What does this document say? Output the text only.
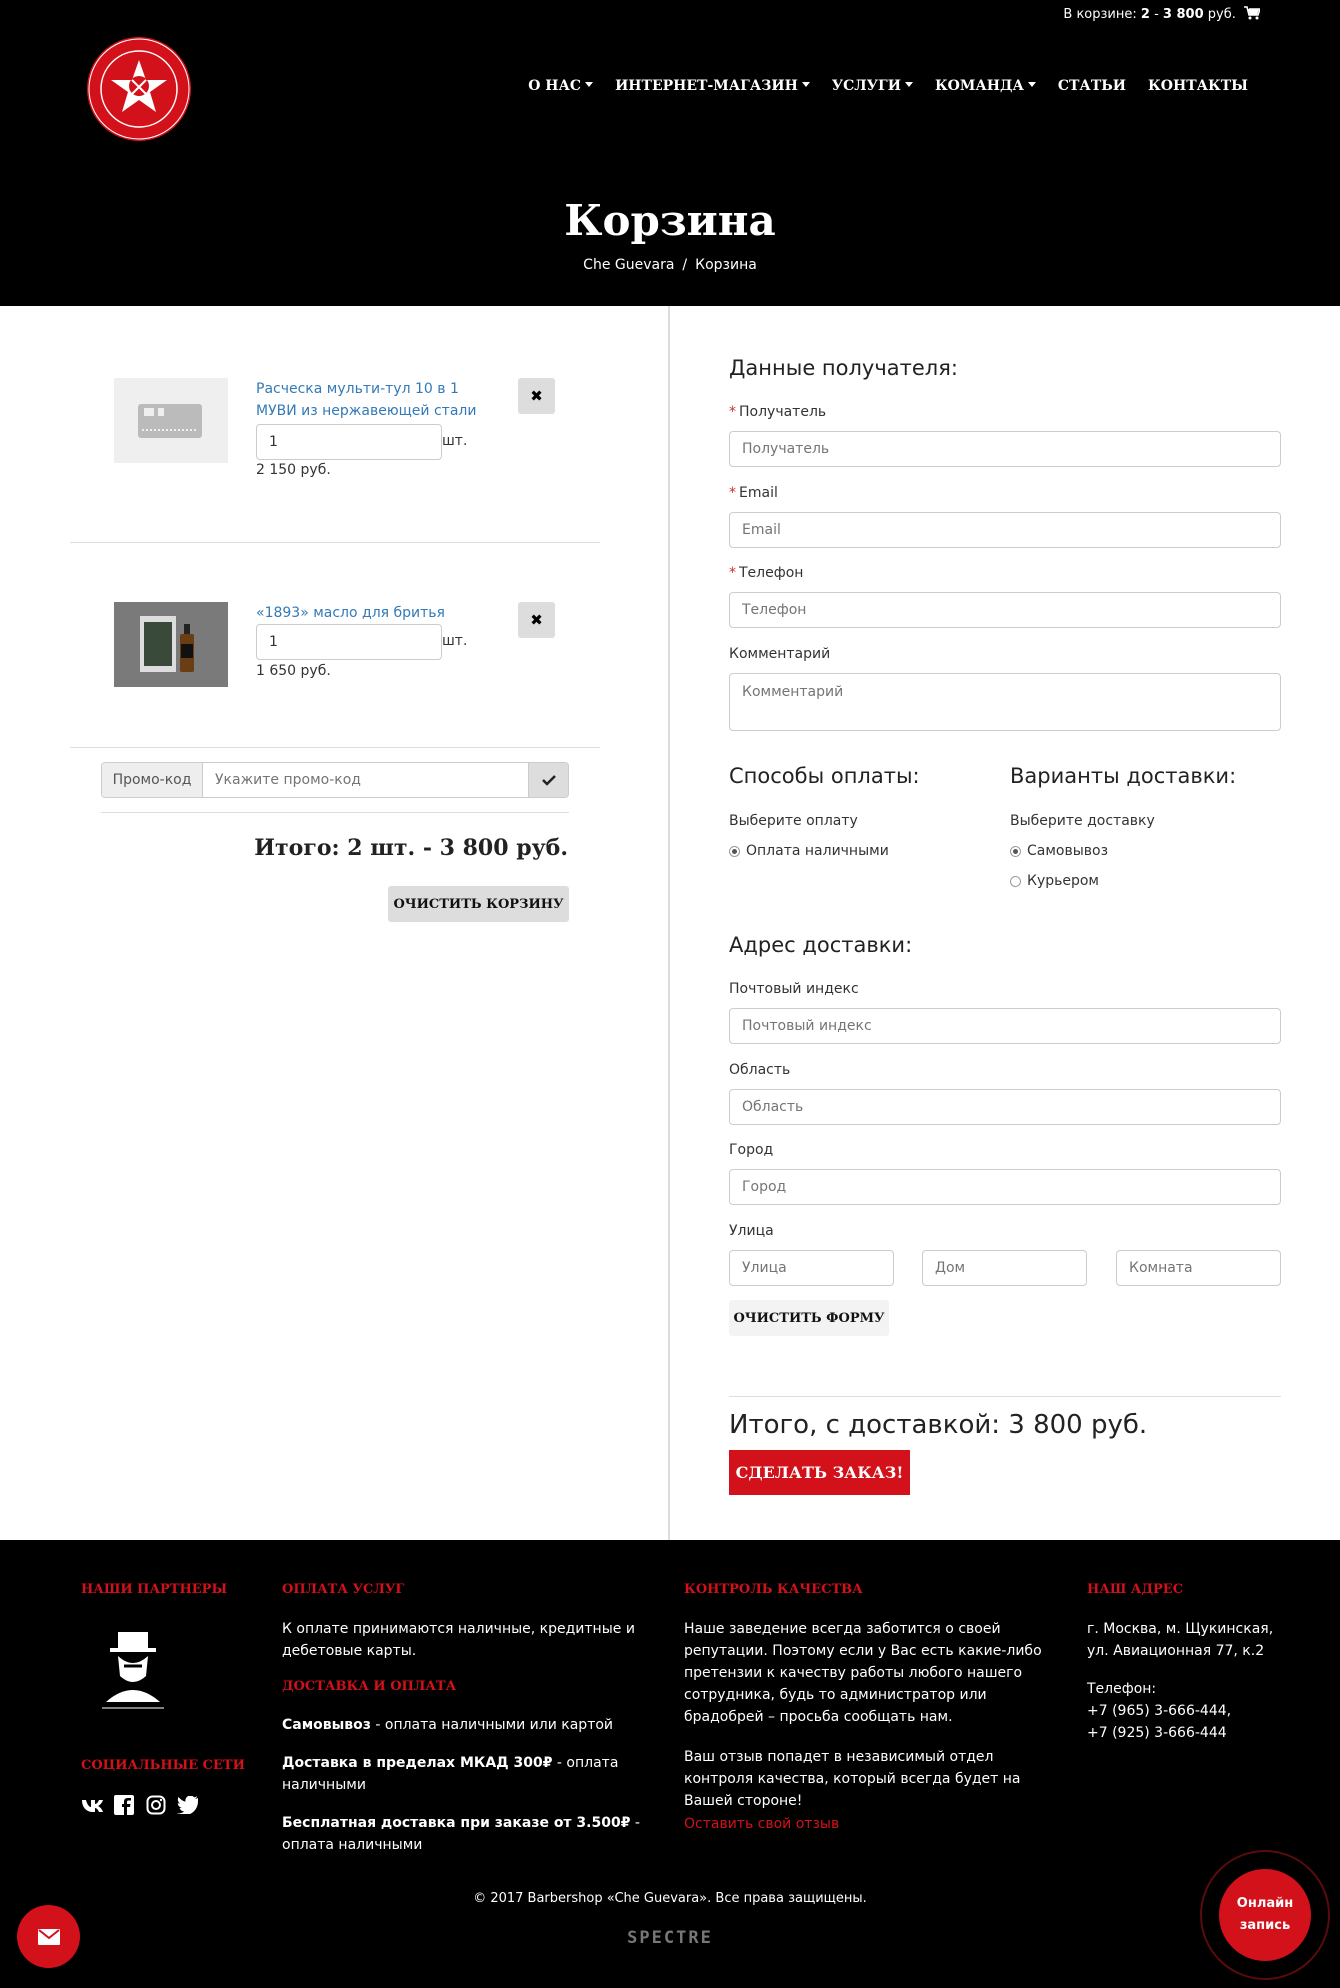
В корзине: 2 - 3 800 руб.
О НАС	ИНТЕРНЕТ-МАГАЗИН	УСЛУГИ	КОМАНДА	СТАТЬИ КОНТАКТЫ
Корзина
Che Guevara / Корзина
Расческа мульти-тул 10 в 1 МУВИ из нержавеющей стали
1
шт.
2 150 руб.
✖
«1893» масло для бритья
1
шт.
1 650 руб.
✖
Промо-код
Укажите промо-код
Итого: 2 шт. - 3 800 руб.
ОЧИСТИТЬ КОРЗИНУ
Данные получателя:
* Получатель
Получатель
* Email
Email
* Телефон
Телефон
Комментарий
Комментарий
Способы оплаты:
Выберите оплату
Оплата наличными
Варианты доставки:
Выберите доставку
Самовывоз
Курьером
Адрес доставки:
Почтовый индекс
Почтовый индекс
Область
Область
Город
Город
Улица
Улица
Дом
Комната
ОЧИСТИТЬ ФОРМУ
Итого, с доставкой: 3 800 руб.
СДЕЛАТЬ ЗАКАЗ!
НАШИ ПАРТНЕРЫ
СОЦИАЛЬНЫЕ СЕТИ
ОПЛАТА УСЛУГ
К оплате принимаются наличные, кредитные и дебетовые карты.
ДОСТАВКА И ОПЛАТА
Самовывоз - оплата наличными или картой
Доставка в пределах МКАД 300₽ - оплата наличными
Бесплатная доставка при заказе от 3.500₽ - оплата наличными
КОНТРОЛЬ КАЧЕСТВА
Наше заведение всегда заботится о своей репутации. Поэтому если у Вас есть какие-либо претензии к качеству работы любого нашего сотрудника, будь то администратор или брадобрей – просьба сообщать нам.
Ваш отзыв попадет в независимый отдел контроля качества, который всегда будет на Вашей стороне!
Оставить свой отзыв
НАШ АДРЕС
г. Москва, м. Щукинская, ул. Авиационная 77, к.2
Телефон:
+7 (965) 3-666-444,
+7 (925) 3-666-444
© 2017 Barbershop «Che Guevara». Все права защищены.
SPECTRE
Онлайн
запись
